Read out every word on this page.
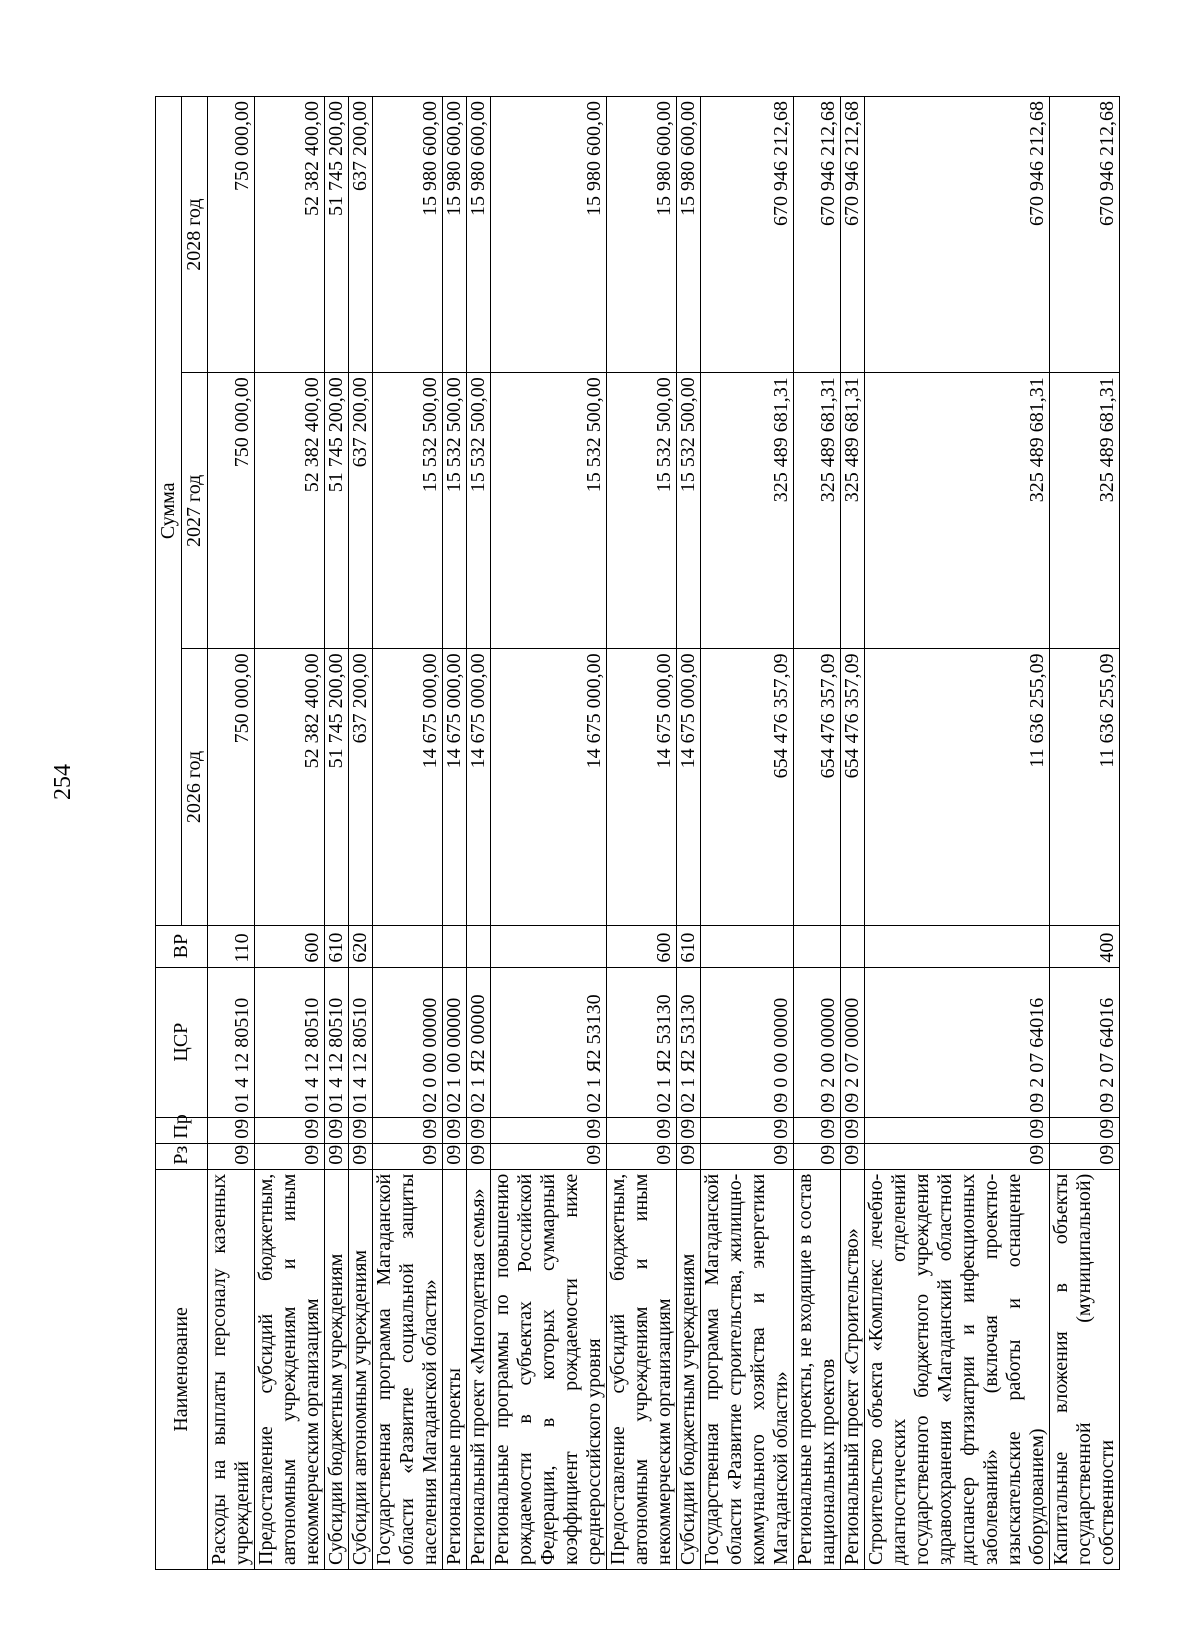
254
Наименование	Рз	Пр	ЦСР	ВР	Сумма		
					2026 год	2027 год	2028 год
Расходы на выплаты персоналу казенных учреждений	09	09	01 4 12 80510	110	750 000,00	750 000,00	750 000,00
Предоставление субсидий бюджетным, автономным учреждениям и иным некоммерческим организациям	09	09	01 4 12 80510	600	52 382 400,00	52 382 400,00	52 382 400,00
Субсидии бюджетным учреждениям	09	09	01 4 12 80510	610	51 745 200,00	51 745 200,00	51 745 200,00
Субсидии автономным учреждениям	09	09	01 4 12 80510	620	637 200,00	637 200,00	637 200,00
Государственная программа Магаданской области «Развитие социальной защиты населения Магаданской области»	09	09	02 0 00 00000		14 675 000,00	15 532 500,00	15 980 600,00
Региональные проекты	09	09	02 1 00 00000		14 675 000,00	15 532 500,00	15 980 600,00
Региональный проект «Многодетная семья»	09	09	02 1 Я2 00000		14 675 000,00	15 532 500,00	15 980 600,00
Региональные программы по повышению рождаемости в субъектах Российской Федерации, в которых суммарный коэффициент рождаемости ниже среднероссийского уровня	09	09	02 1 Я2 53130		14 675 000,00	15 532 500,00	15 980 600,00
Предоставление субсидий бюджетным, автономным учреждениям и иным некоммерческим организациям	09	09	02 1 Я2 53130	600	14 675 000,00	15 532 500,00	15 980 600,00
Субсидии бюджетным учреждениям	09	09	02 1 Я2 53130	610	14 675 000,00	15 532 500,00	15 980 600,00
Государственная программа Магаданской области «Развитие строительства, жилищно-коммунального хозяйства и энергетики Магаданской области»	09	09	09 0 00 00000		654 476 357,09	325 489 681,31	670 946 212,68
Региональные проекты, не входящие в состав национальных проектов	09	09	09 2 00 00000		654 476 357,09	325 489 681,31	670 946 212,68
Региональный проект «Строительство»	09	09	09 2 07 00000		654 476 357,09	325 489 681,31	670 946 212,68
Строительство объекта «Комплекс лечебно-диагностических отделений государственного бюджетного учреждения здравоохранения «Магаданский областной диспансер фтизиатрии и инфекционных заболеваний» (включая проектно-изыскательские работы и оснащение оборудованием)	09	09	09 2 07 64016		11 636 255,09	325 489 681,31	670 946 212,68
Капитальные вложения в объекты государственной (муниципальной) собственности	09	09	09 2 07 64016	400	11 636 255,09	325 489 681,31	670 946 212,68
